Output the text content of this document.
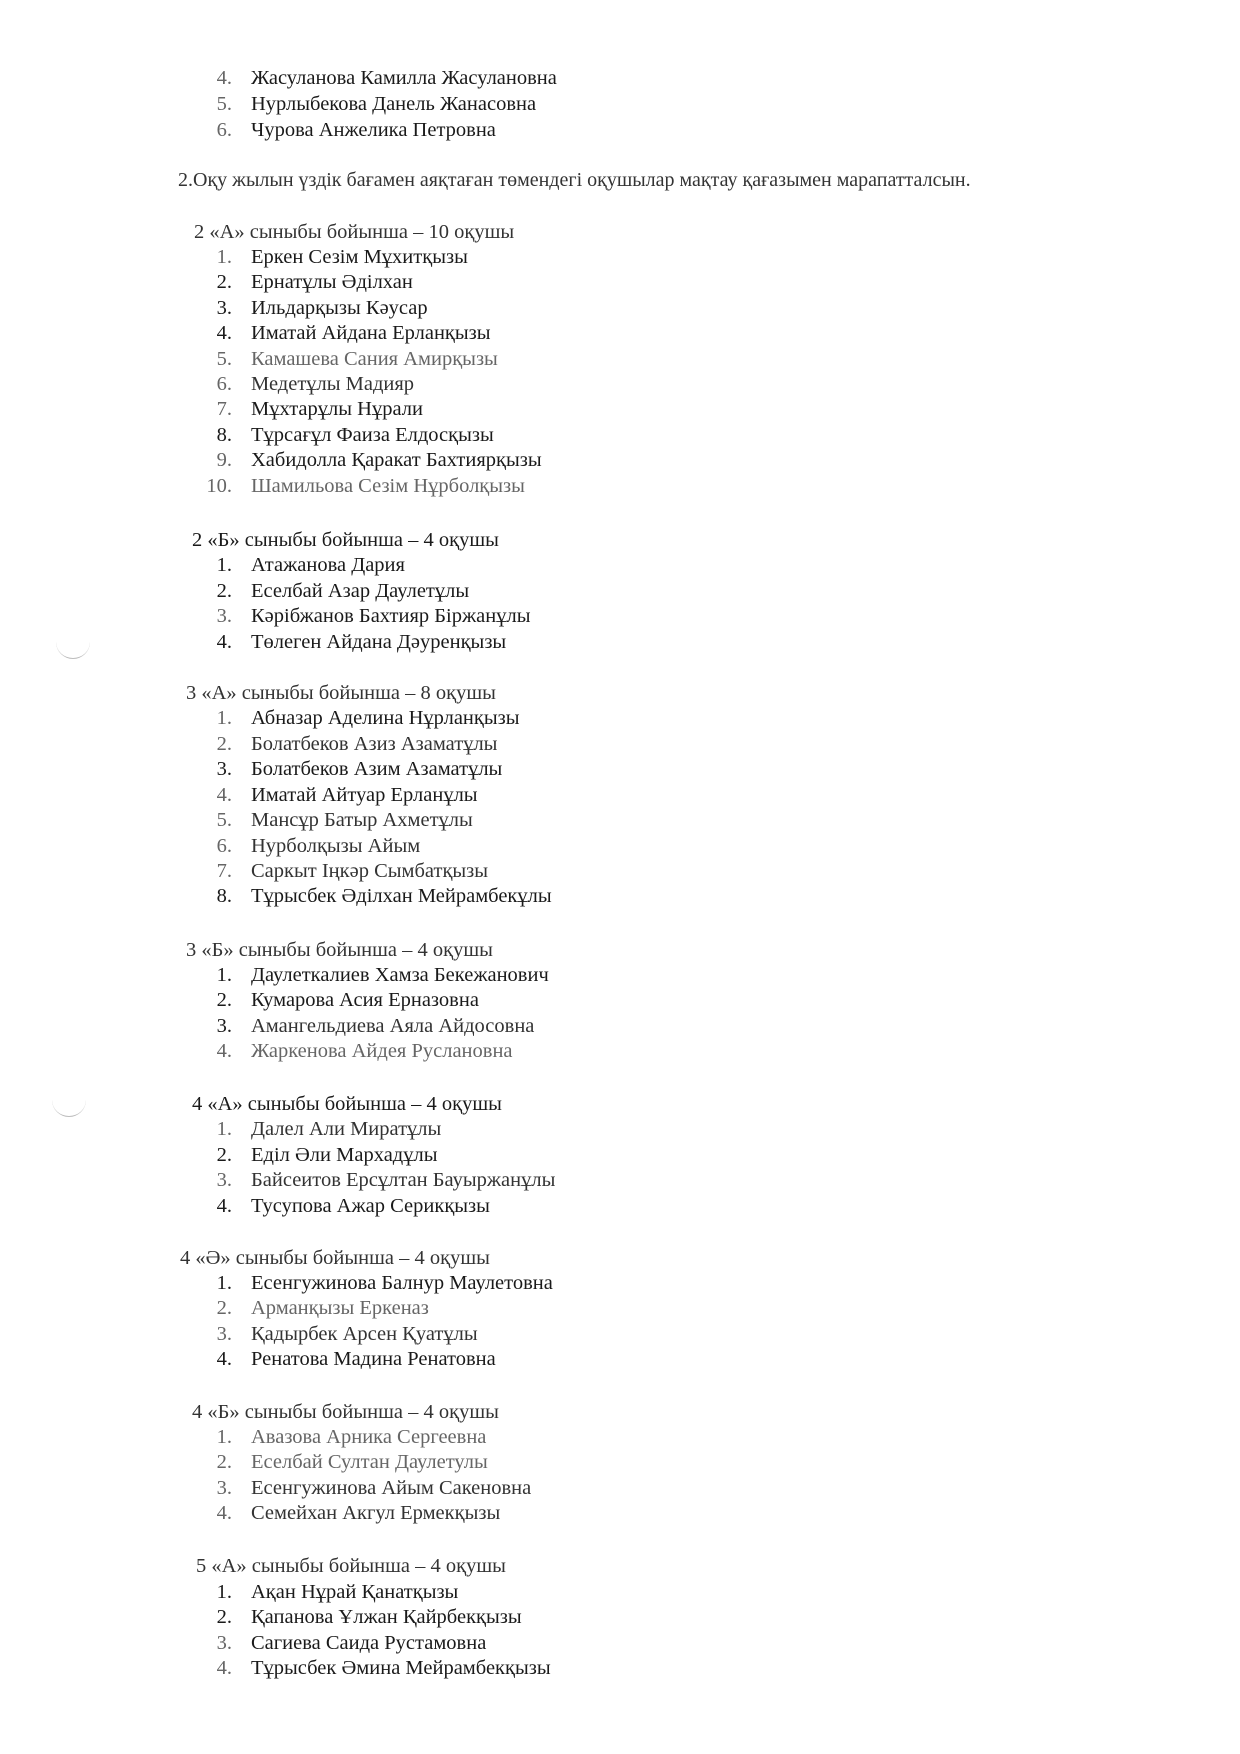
4. Жасуланова Камилла Жасулановна
5. Нурлыбекова Данель Жанасовна
6. Чурова Анжелика Петровна
2.Оқу жылын үздік бағамен аяқтаған төмендегі оқушылар мақтау қағазымен марапатталсын.
2 «А» сыныбы бойынша – 10 оқушы
1. Еркен Сезім Мұхитқызы
2. Ернатұлы Әділхан
3. Ильдарқызы Кәусар
4. Иматай Айдана Ерланқызы
5. Камашева Сания Амирқызы
6. Медетұлы Мадияр
7. Мұхтарұлы Нұрали
8. Тұрсағұл Фаиза Елдосқызы
9. Хабидолла Қаракат Бахтиярқызы
10. Шамильова Сезім Нұрболқызы
2 «Б» сыныбы бойынша – 4 оқушы
1. Атажанова Дария
2. Еселбай Азар Даулетұлы
3. Кәрібжанов Бахтияр Біржанұлы
4. Төлеген Айдана Дәуренқызы
3 «А» сыныбы бойынша – 8 оқушы
1. Абназар Аделина Нұрланқызы
2. Болатбеков Азиз Азаматұлы
3. Болатбеков Азим Азаматұлы
4. Иматай Айтуар Ерланұлы
5. Мансұр Батыр Ахметұлы
6. Нурболқызы Айым
7. Саркыт Іңкәр Сымбатқызы
8. Тұрысбек Әділхан Мейрамбекұлы
3 «Б» сыныбы бойынша – 4 оқушы
1. Даулеткалиев Хамза Бекежанович
2. Кумарова Асия Ерназовна
3. Амангельдиева Аяла Айдосовна
4. Жаркенова Айдея Руслановна
4 «А» сыныбы бойынша – 4 оқушы
1. Далел Али Миратұлы
2. Еділ Әли Мархадұлы
3. Байсеитов Ерсұлтан Бауыржанұлы
4. Тусупова Ажар Серикқызы
4 «Ә» сыныбы бойынша – 4 оқушы
1. Есенгужинова Балнур Маулетовна
2. Арманқызы Еркеназ
3. Қадырбек Арсен Қуатұлы
4. Ренатова Мадина Ренатовна
4 «Б» сыныбы бойынша – 4 оқушы
1. Авазова Арника Сергеевна
2. Еселбай Султан Даулетулы
3. Есенгужинова Айым Сакеновна
4. Семейхан Акгул Ермекқызы
5 «А» сыныбы бойынша – 4 оқушы
1. Ақан Нұрай Қанатқызы
2. Қапанова Ұлжан Қайрбекқызы
3. Сагиева Саида Рустамовна
4. Тұрысбек Әмина Мейрамбекқызы
